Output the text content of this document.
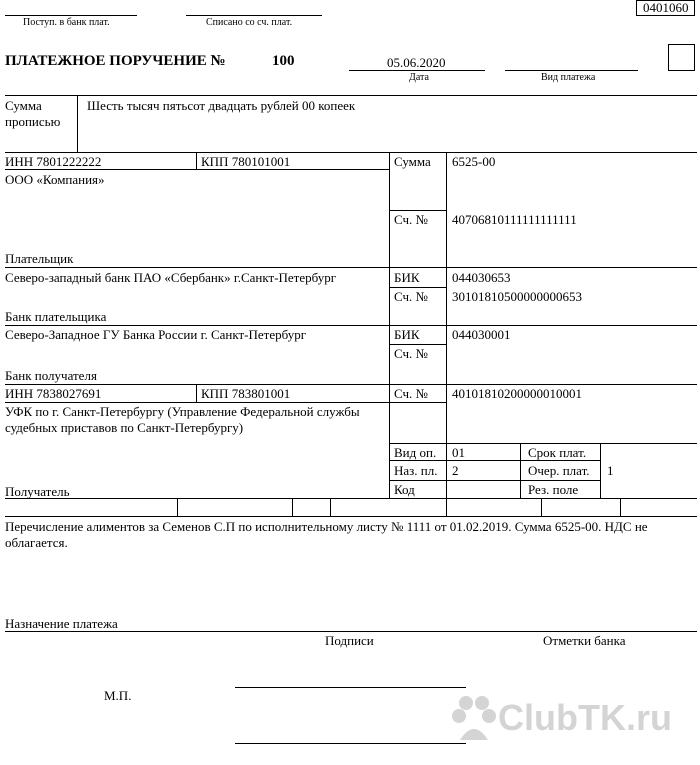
Поступ. в банк плат.	Списано со сч. плат.
0401060
ПЛАТЕЖНОЕ ПОРУЧЕНИЕ №	100	05.06.2020
Дата	Вид платежа
Сумма
прописью
Шесть тысяч пятьсот двадцать рублей 00 копеек
ИНН 7801222222	КПП 780101001
ООО «Компания»
Плательщик
Сумма 6525-00
Сч. № 40706810111111111111
Северо-западный банк ПАО «Сбербанк» г.Санкт-Петербург
Банк плательщика
БИК 044030653
Сч. № 30101810500000000653
Северо-Западное ГУ Банка России г. Санкт-Петербург
Банк получателя
БИК 044030001
Сч. №
ИНН 7838027691	КПП 783801001
УФК по г. Санкт-Петербургу (Управление Федеральной службы
судебных приставов по Санкт-Петербургу)
Получатель
Сч. № 40101810200000010001
Вид оп. 01	Срок плат.
Наз. пл. 2	Очер. плат. 1
Код	Рез. поле
Перечисление алиментов за Семенов С.П по исполнительному листу № 1111 от 01.02.2019. Сумма 6525-00. НДС не
облагается.
Назначение платежа
Подписи	Отметки банка
М.П.
ClubTK.ru
